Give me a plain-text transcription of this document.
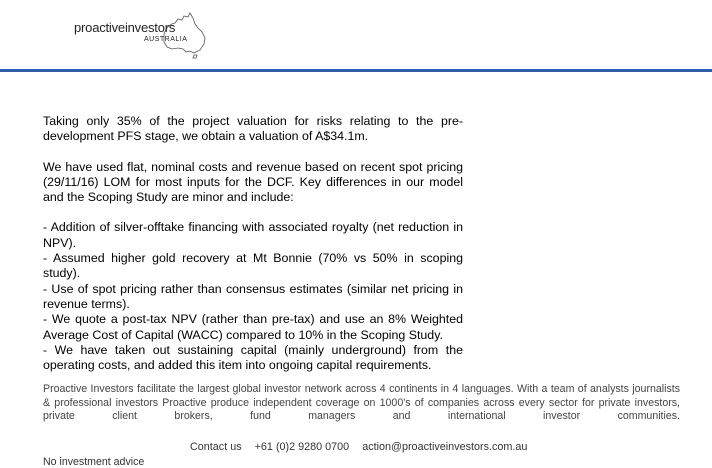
proactiveinvestors
AUSTRALIA

Taking only 35% of the project valuation for risks relating to the pre-development PFS stage, we obtain a valuation of A$34.1m.

We have used flat, nominal costs and revenue based on recent spot pricing (29/11/16) LOM for most inputs for the DCF. Key differences in our model and the Scoping Study are minor and include:

- Addition of silver-offtake financing with associated royalty (net reduction in NPV).

- Assumed higher gold recovery at Mt Bonnie (70% vs 50% in scoping study).

- Use of spot pricing rather than consensus estimates (similar net pricing in revenue terms).

- We quote a post-tax NPV (rather than pre-tax) and use an 8% Weighted Average Cost of Capital (WACC) compared to 10% in the Scoping Study.

- We have taken out sustaining capital (mainly underground) from the operating costs, and added this item into ongoing capital requirements.

Proactive Investors facilitate the largest global investor network across 4 continents in 4 languages. With a team of analysts journalists & professional investors Proactive produce independent coverage on 1000's of companies across every sector for private investors, private client brokers, fund managers and international investor communities.
Contact us +61 (0)2 9280 0700 action@proactiveinvestors.com.au
No investment advice
